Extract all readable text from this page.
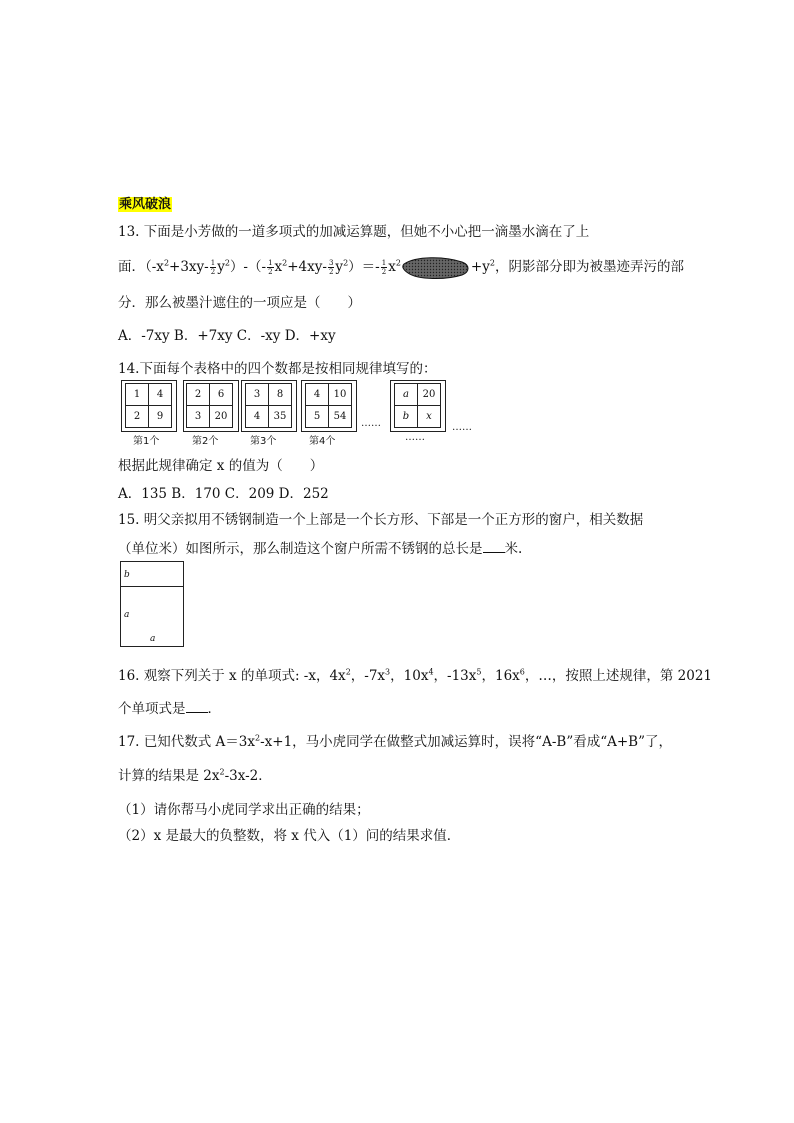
乘风破浪
13. 下面是小芳做的一道多项式的加减运算题，但她不小心把一滴墨水滴在了上
面．$(-x^2+3xy- \frac{1}{2} y^2)-(- \frac{1}{2} x^2+4xy- \frac{3}{2} y^2)=- \frac{1}{2} x^2$	$+y^2$，阴影部分即为被墨迹弄污的部
分．那么被墨汁遮住的一项应是（　　）
A．-7xy B．+7xy C．-xy D．+xy
14.下面每个表格中的四个数都是按相同规律填写的：
1	4
2	9
第1个
2	6
3	20
第2个
3	8
4	35
第3个
4	10
5	54
第4个
……
a	20
b	x
……
……
根据此规律确定 x 的值为（　　）
A．135 B．170 C．209 D．252
15. 明父亲拟用不锈钢制造一个上部是一个长方形、下部是一个正方形的窗户，相关数据
（单位米）如图所示，那么制造这个窗户所需不锈钢的总长是 米.
b
a
a
16. 观察下列关于 x 的单项式: -x，$4x^2$，$-7x^3$，$10x^4$，$-13x^5$，$16x^6$，…，按照上述规律，第 2021
个单项式是 ．
17. 已知代数式 $A=3x^2-x+1$，马小虎同学在做整式加减运算时，误将“A-B”看成“A+B”了，
计算的结果是 $2x^2-3x-2$．
（1）请你帮马小虎同学求出正确的结果；
（2）x 是最大的负整数，将 x 代入（1）问的结果求值．
